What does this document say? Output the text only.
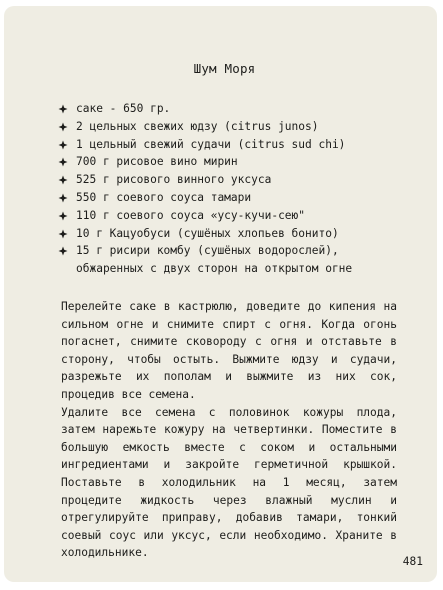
Шум Моря
саке - 650 гр.
2 цельных свежих юдзу (citrus junos)
1 цельный свежий судачи (citrus sud chi)
700 г рисовое вино мирин
525 г рисового винного уксуса
550 г соевого соуса тамари
110 г соевого соуса «усу-кучи-сею"
10 г Кацуобуси (сушёных хлопьев бонито)
15 г рисири комбу (сушёных водорослей), обжаренных с двух сторон на открытом огне

Перелейте саке в кастрюлю, доведите до кипения на сильном огне и снимите спирт с огня. Когда огонь погаснет, снимите сковороду с огня и отставьте в сторону, чтобы остыть. Выжмите юдзу и судачи, разрежьте их пополам и выжмите из них сок, процедив все семена.

Удалите все семена с половинок кожуры плода, затем нарежьте кожуру на четвертинки. Поместите в большую емкость вместе с соком и остальными ингредиентами и закройте герметичной крышкой. Поставьте в холодильник на 1 месяц, затем процедите жидкость через влажный муслин и отрегулируйте приправу, добавив тамари, тонкий соевый соус или уксус, если необходимо. Храните в холодильнике.

481
